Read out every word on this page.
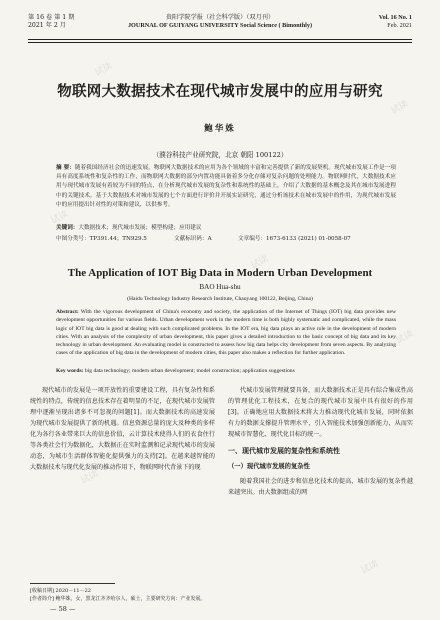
试读
试读
试读
试读
试读
试读
试读
第 16 卷 第 1 期
2021 年 2 月
贵阳学院学报（社会科学版）（双月刊）
JOURNAL OF GUIYANG UNIVERSITY Social Science ( Bimonthly)
Vol. 16 No. 1
Feb. 2021
物联网大数据技术在现代城市发展中的应用与研究
鲍华姝
（濮谷科技产业研究院，北京 朝阳 100122）
摘 要：随着我国经济社会的迅速发展，物联网大数据技术的应用为各个领域的丰富和完善提供了新的发展契机。现代城市发展工作是一项具有高度系统性和复杂性的工作，而物联网大数据的部分内置功能具备着多分化存储对复杂问题的处理能力。物联网时代，大数据技术应用与现代城市发展有着较为不同的特点，在分析现代城市发展的复杂性和系统性的基础上，介绍了大数据的基本概念及其在城市发展进程中的关键技术。基于大数据技术对城市发展的七个方面进行评价并开展实证研究，通过分析该技术在城市发展中的作用，为现代城市发展中的应用提出针对性的对策和建议，以供参考。
关键词：大数据技术；现代城市发展；模型构建；应用建议
中图分类号：TP391.44；TN929.5	文献标识码：A	文章编号：1673-6133 (2021) 01-0058-07
The Application of IOT Big Data in Modern Urban Development
BAO Hua-shu
(Haidu Technology Industry Research Institute, Chaoyang 100122, Beijing, China)
Abstract: With the vigorous development of China's economy and society, the application of the Internet of Things (IOT) big data provides new development opportunities for various fields. Urban development work in the modern time is both highly systematic and complicated, while the mass logic of IOT big data is good at dealing with such complicated problems. In the IOT era, big data plays an active role in the development of modern cities. With an analysis of the complexity of urban development, this paper gives a detailed introduction to the basic concept of big data and its key technology in urban development. An evaluating model is constructed to assess how big data helps city development from seven aspects. By analyzing cases of the application of big data in the development of modern cities, this paper also makes a reflection for further application.
Key words: big data technology; modern urban development; model construction; application suggestions

现代城市的发展是一项开放性的重要建设工程，具有复杂性和系统性的特点，传统的信息技术存在着明显的不足，在现代城市发展管理中逐渐呈现出诸多不可忽视的问题[1]。而大数据技术的高速发展为现代城市发展提供了新的机遇。信息资源总量的庞大及种类的多样化为各行各业带来巨大的信息价值，云计算技术使得人们的衣食住行等各类社会行为数据化，大数据正在实时监测和记录现代城市的发展动态，为城市生活群体智能化提供强力的支持[2]。在越来越智能的大数据技术与现代化发展的推动作用下，物联网时代背景下的现

代城市发展管理就要具备，而大数据技术正是具有综合集成性高的管理优化工程技术，在复合的现代城市发展中具有很好的作用[3]。正确地应用大数据技术将大力推动现代化城市发展，同时依据有力的数据支撑提升管理水平，引入智能技术加强创新能力，从而实现城市智慧化、现代化目标的统一。

一、现代城市发展的复杂性和系统性
（一）现代城市发展的复杂性

随着我国社会的进步和信息化技术的提高，城市发展的复杂性越来越突出。由大数据组成的网

[收稿日期] 2020－11－22
[作者简介] 鲍华姝，女，黑龙江齐齐哈尔人，硕士，主要研究方向：产业发展。
— 58 —
